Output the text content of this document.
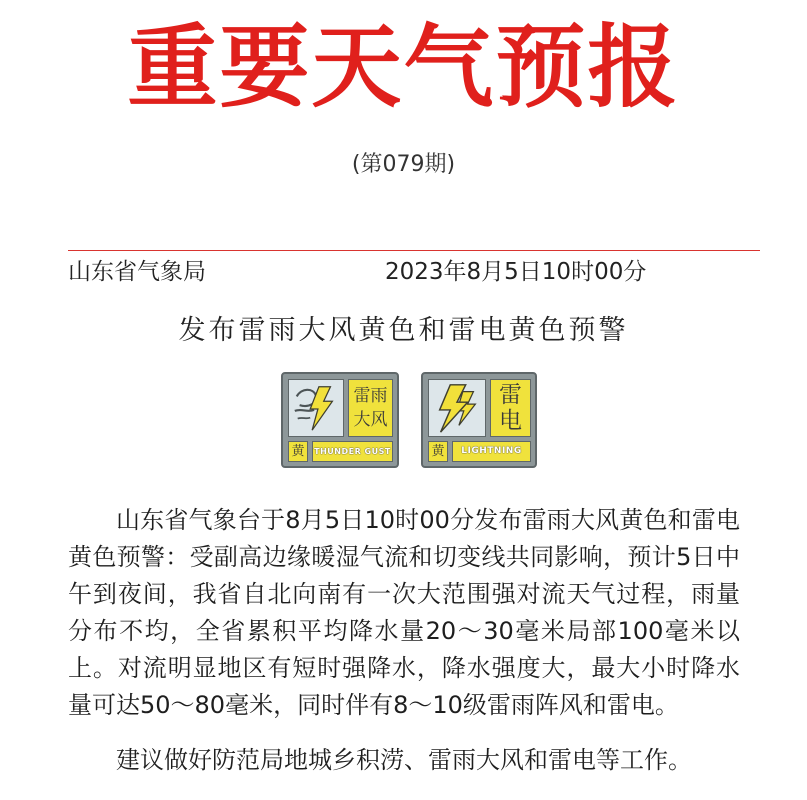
重要天气预报
(第079期)
山东省气象局	2023年8月5日10时00分
发布雷雨大风黄色和雷电黄色预警
雷雨
大风
黄	THUNDER GUST
雷
电
黄	LIGHTNING
山东省气象台于8月5日10时00分发布雷雨大风黄色和雷电
黄色预警：受副高边缘暖湿气流和切变线共同影响，预计5日中
午到夜间，我省自北向南有一次大范围强对流天气过程，雨量
分布不均，全省累积平均降水量20～30毫米局部100毫米以
上。对流明显地区有短时强降水，降水强度大，最大小时降水
量可达50～80毫米，同时伴有8～10级雷雨阵风和雷电。
建议做好防范局地城乡积涝、雷雨大风和雷电等工作。
